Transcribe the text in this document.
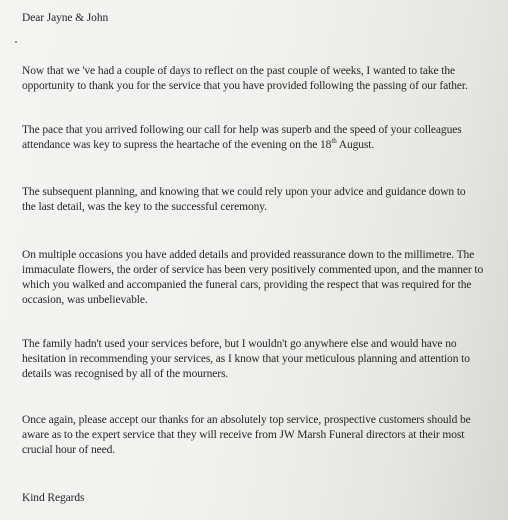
Dear Jayne & John
Now that we 've had a couple of days to reflect on the past couple of weeks, I wanted to take the
opportunity to thank you for the service that you have provided following the passing of our father.
The pace that you arrived following our call for help was superb and the speed of your colleagues
attendance was key to supress the heartache of the evening on the 18th August.
The subsequent planning, and knowing that we could rely upon your advice and guidance down to
the last detail, was the key to the successful ceremony.
On multiple occasions you have added details and provided reassurance down to the millimetre. The
immaculate flowers, the order of service has been very positively commented upon, and the manner to
which you walked and accompanied the funeral cars, providing the respect that was required for the
occasion, was unbelievable.
The family hadn't used your services before, but I wouldn't go anywhere else and would have no
hesitation in recommending your services, as I know that your meticulous planning and attention to
details was recognised by all of the mourners.
Once again, please accept our thanks for an absolutely top service, prospective customers should be
aware as to the expert service that they will receive from JW Marsh Funeral directors at their most
crucial hour of need.
Kind Regards
